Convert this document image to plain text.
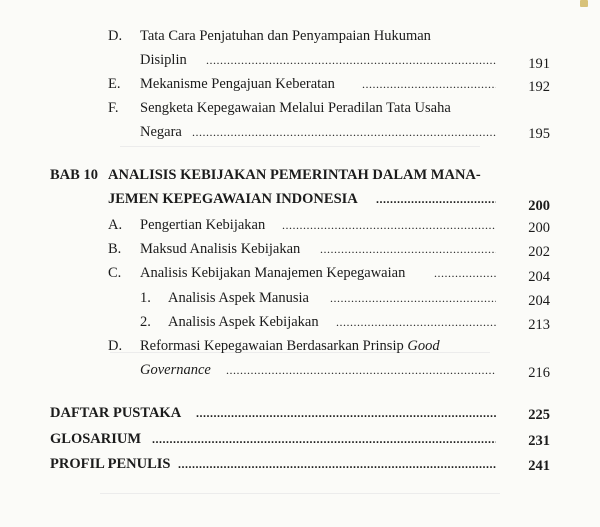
D. Tata Cara Penjatuhan dan Penyampaian Hukuman
Disiplin .....	191
E. Mekanisme Pengajuan Keberatan .....	192
F. Sengketa Kepegawaian Melalui Peradilan Tata Usaha
Negara .....	195
BAB 10 ANALISIS KEBIJAKAN PEMERINTAH DALAM MANA-
JEMEN KEPEGAWAIAN INDONESIA .....	200
A. Pengertian Kebijakan .....	200
B. Maksud Analisis Kebijakan .....	202
C. Analisis Kebijakan Manajemen Kepegawaian .....	204
1. Analisis Aspek Manusia .....	204
2. Analisis Aspek Kebijakan .....	213
D. Reformasi Kepegawaian Berdasarkan Prinsip Good
Governance .....	216
DAFTAR PUSTAKA .....	225
GLOSARIUM .....	231
PROFIL PENULIS .....	241
